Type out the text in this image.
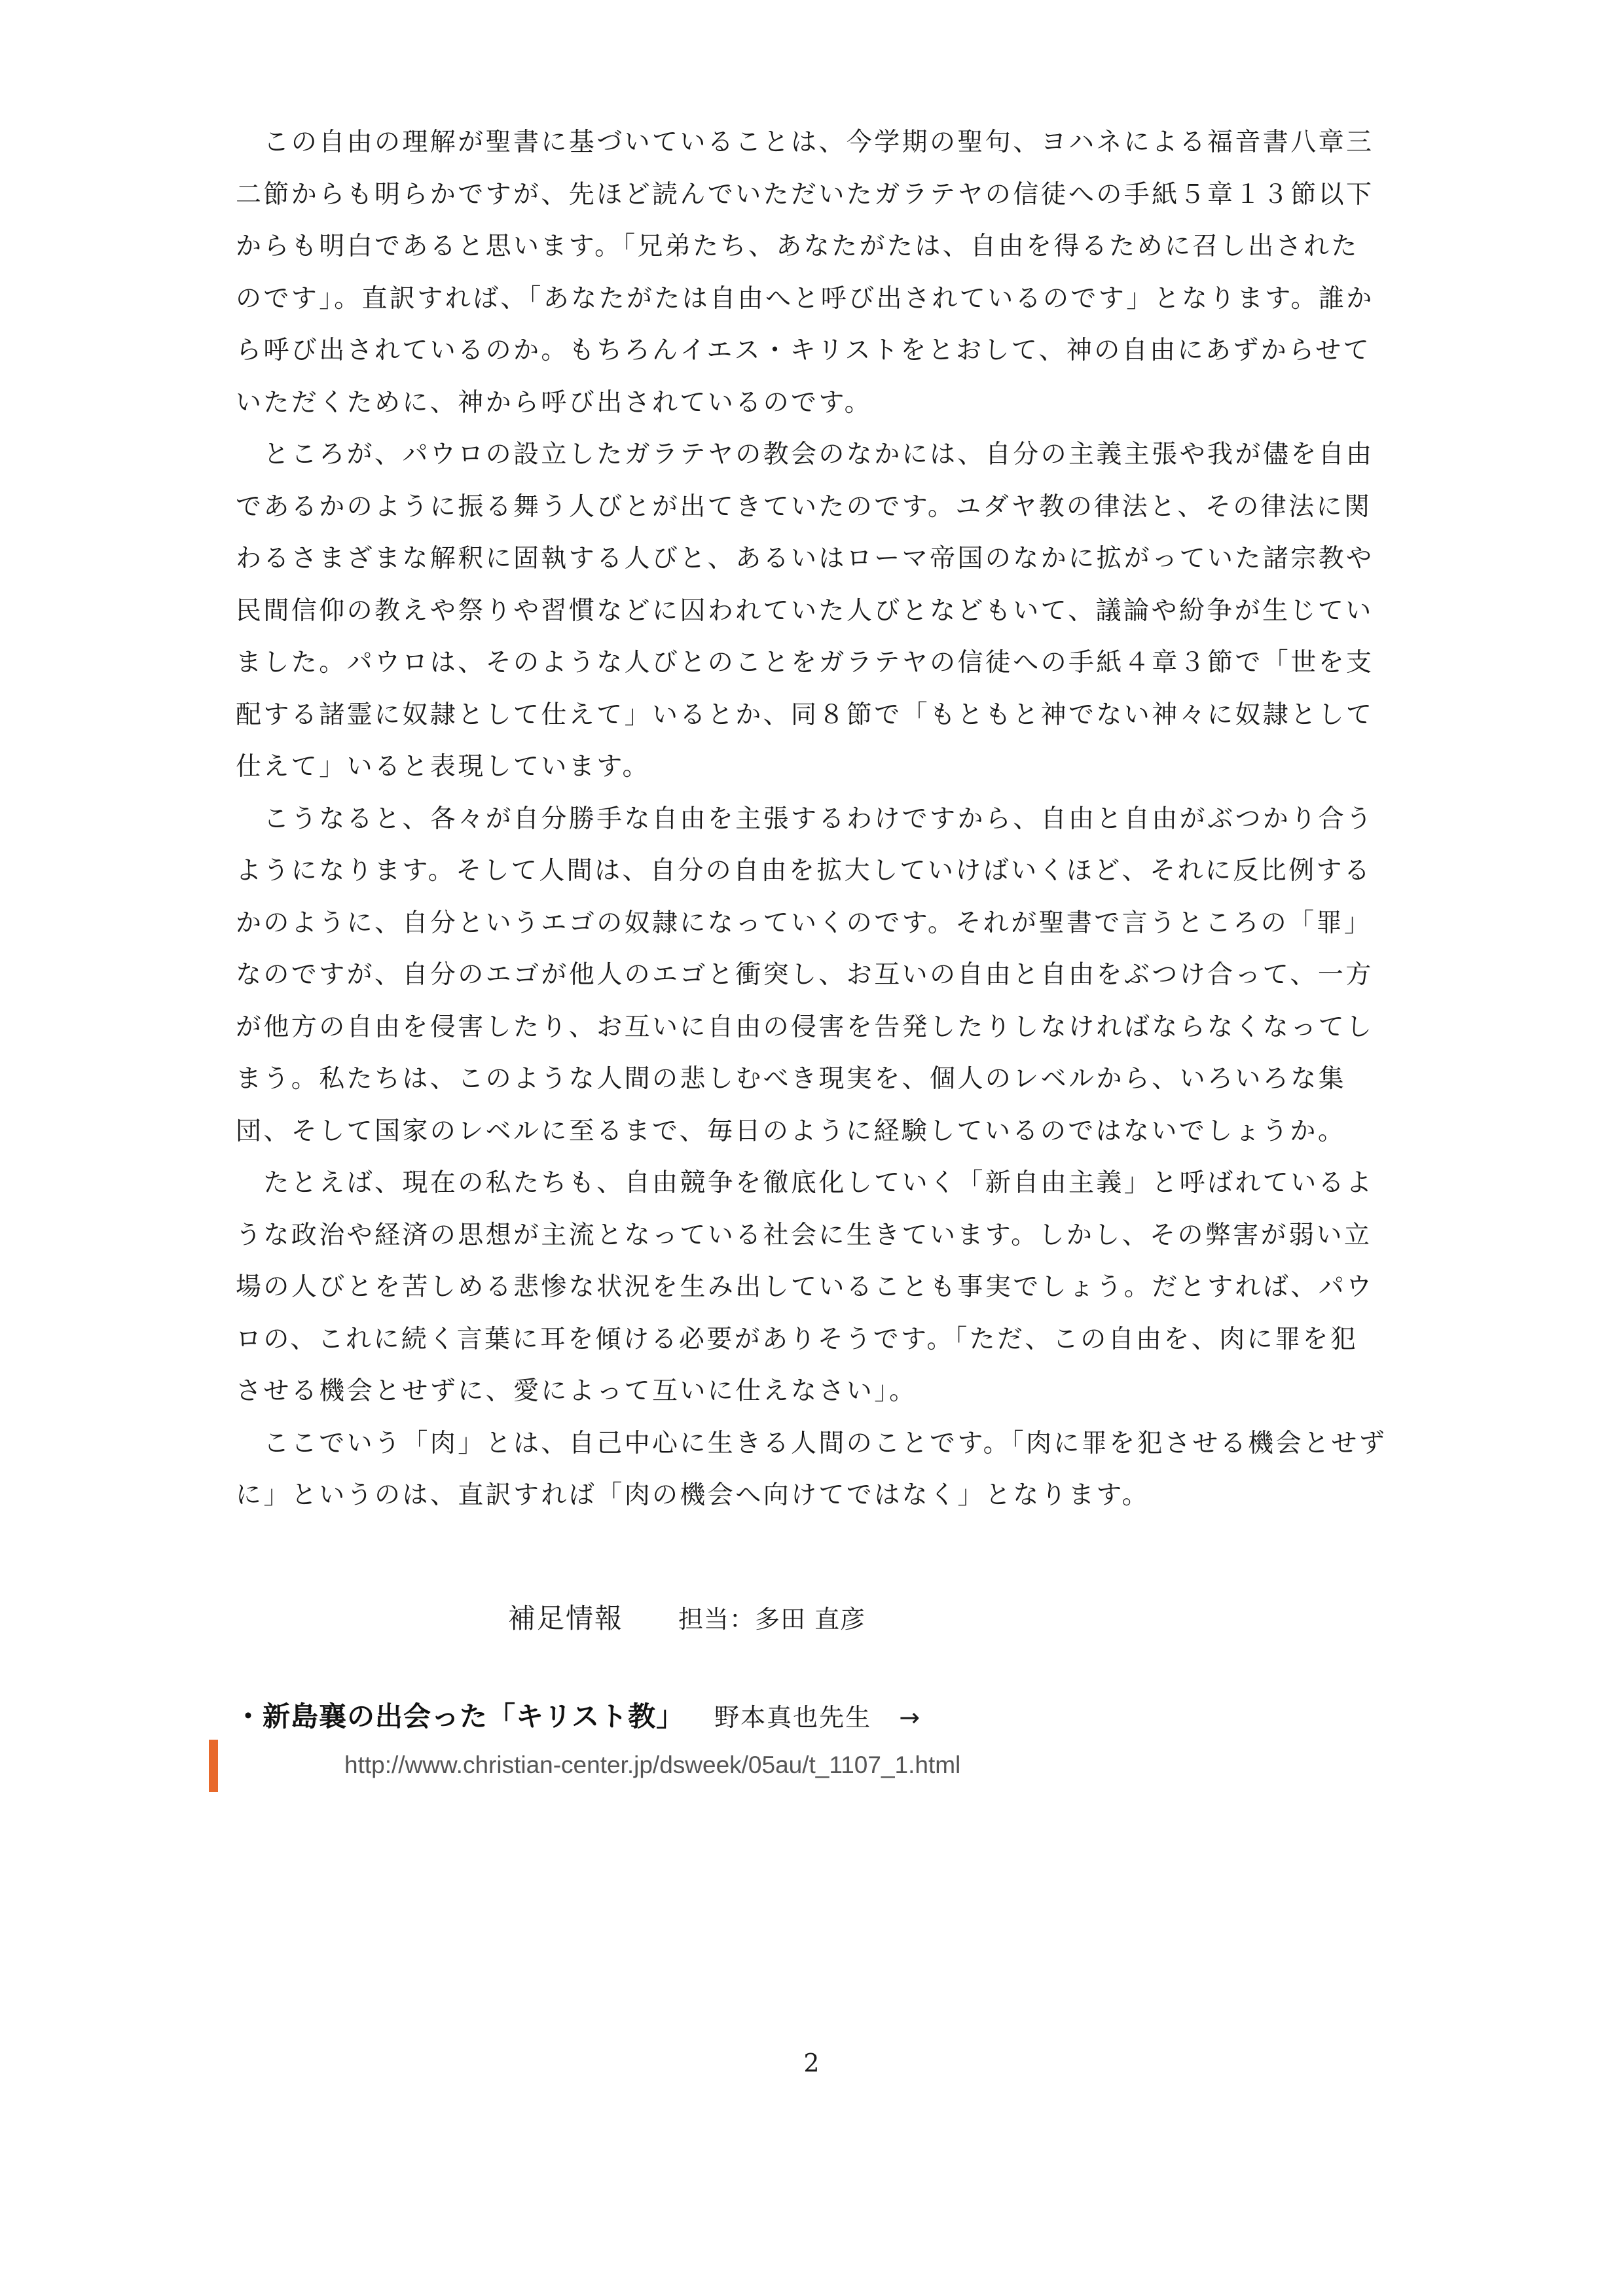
　この自由の理解が聖書に基づいていることは、今学期の聖句、ヨハネによる福音書八章三
二節からも明らかですが、先ほど読んでいただいたガラテヤの信徒への手紙５章１３節以下
からも明白であると思います。「兄弟たち、あなたがたは、自由を得るために召し出された
のです」。直訳すれば、「あなたがたは自由へと呼び出されているのです」となります。誰か
ら呼び出されているのか。もちろんイエス・キリストをとおして、神の自由にあずからせて
いただくために、神から呼び出されているのです。

　ところが、パウロの設立したガラテヤの教会のなかには、自分の主義主張や我が儘を自由
であるかのように振る舞う人びとが出てきていたのです。ユダヤ教の律法と、その律法に関
わるさまざまな解釈に固執する人びと、あるいはローマ帝国のなかに拡がっていた諸宗教や
民間信仰の教えや祭りや習慣などに囚われていた人びとなどもいて、議論や紛争が生じてい
ました。パウロは、そのような人びとのことをガラテヤの信徒への手紙４章３節で「世を支
配する諸霊に奴隷として仕えて」いるとか、同８節で「もともと神でない神々に奴隷として
仕えて」いると表現しています。

　こうなると、各々が自分勝手な自由を主張するわけですから、自由と自由がぶつかり合う
ようになります。そして人間は、自分の自由を拡大していけばいくほど、それに反比例する
かのように、自分というエゴの奴隷になっていくのです。それが聖書で言うところの「罪」
なのですが、自分のエゴが他人のエゴと衝突し、お互いの自由と自由をぶつけ合って、一方
が他方の自由を侵害したり、お互いに自由の侵害を告発したりしなければならなくなってし
まう。私たちは、このような人間の悲しむべき現実を、個人のレベルから、いろいろな集
団、そして国家のレベルに至るまで、毎日のように経験しているのではないでしょうか。

　たとえば、現在の私たちも、自由競争を徹底化していく「新自由主義」と呼ばれているよ
うな政治や経済の思想が主流となっている社会に生きています。しかし、その弊害が弱い立
場の人びとを苦しめる悲惨な状況を生み出していることも事実でしょう。だとすれば、パウ
ロの、これに続く言葉に耳を傾ける必要がありそうです。「ただ、この自由を、肉に罪を犯
させる機会とせずに、愛によって互いに仕えなさい」。

　ここでいう「肉」とは、自己中心に生きる人間のことです。「肉に罪を犯させる機会とせず
に」というのは、直訳すれば「肉の機会へ向けてではなく」となります。

補足情報 担当：多田 直彦
・新島襄の出会った「キリスト教」 野本真也先生 →
http://www.christian-center.jp/dsweek/05au/t_1107_1.html
2
